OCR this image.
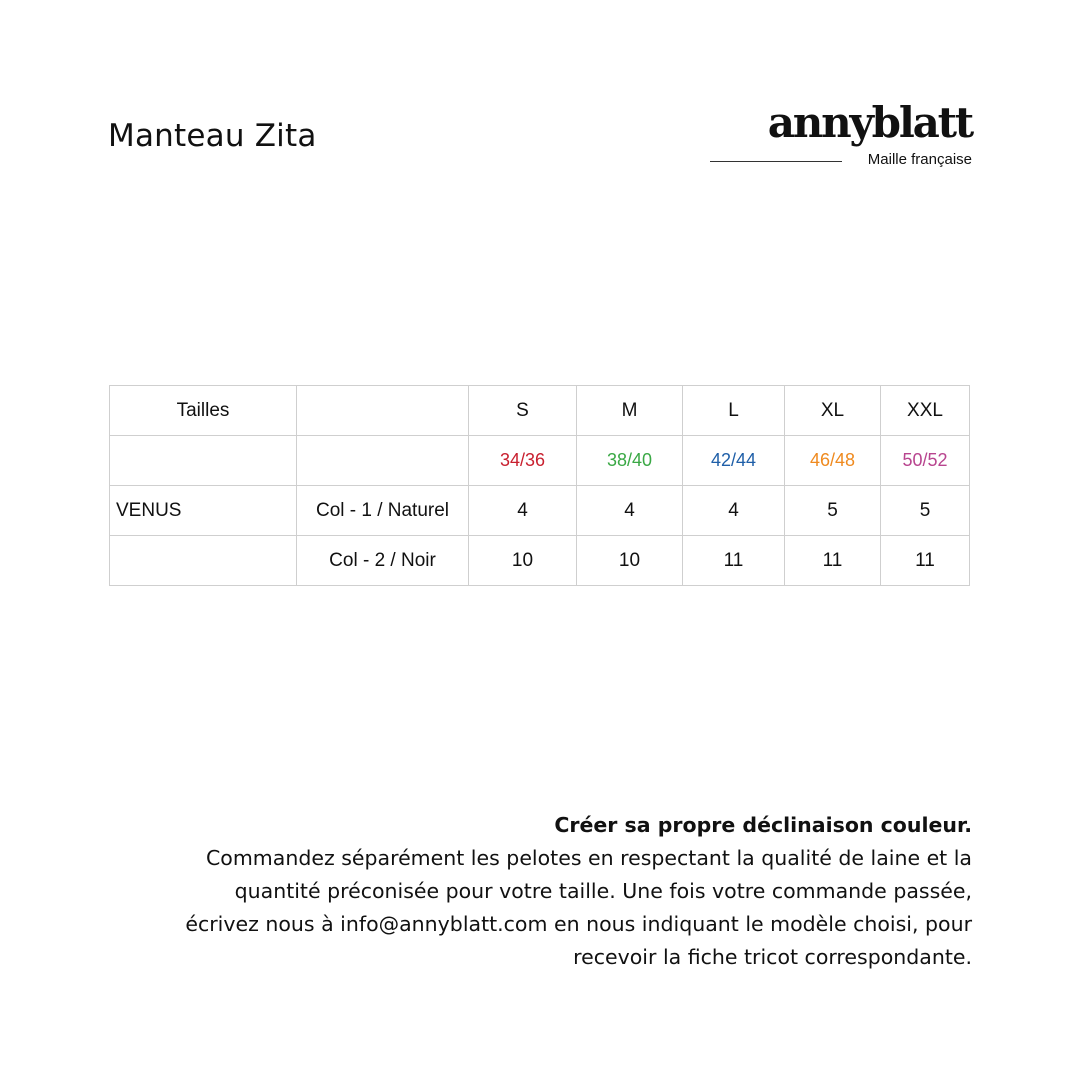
Manteau Zita	annyblatt
Maille française
Tailles		S	M	L	XL	XXL
		34/36	38/40	42/44	46/48	50/52
VENUS	Col - 1 / Naturel	4	4	4	5	5
	Col - 2 / Noir	10	10	11	11	11
Créer sa propre déclinaison couleur.
Commandez séparément les pelotes en respectant la qualité de laine et la
quantité préconisée pour votre taille. Une fois votre commande passée,
écrivez nous à info@annyblatt.com en nous indiquant le modèle choisi, pour
recevoir la fiche tricot correspondante.
